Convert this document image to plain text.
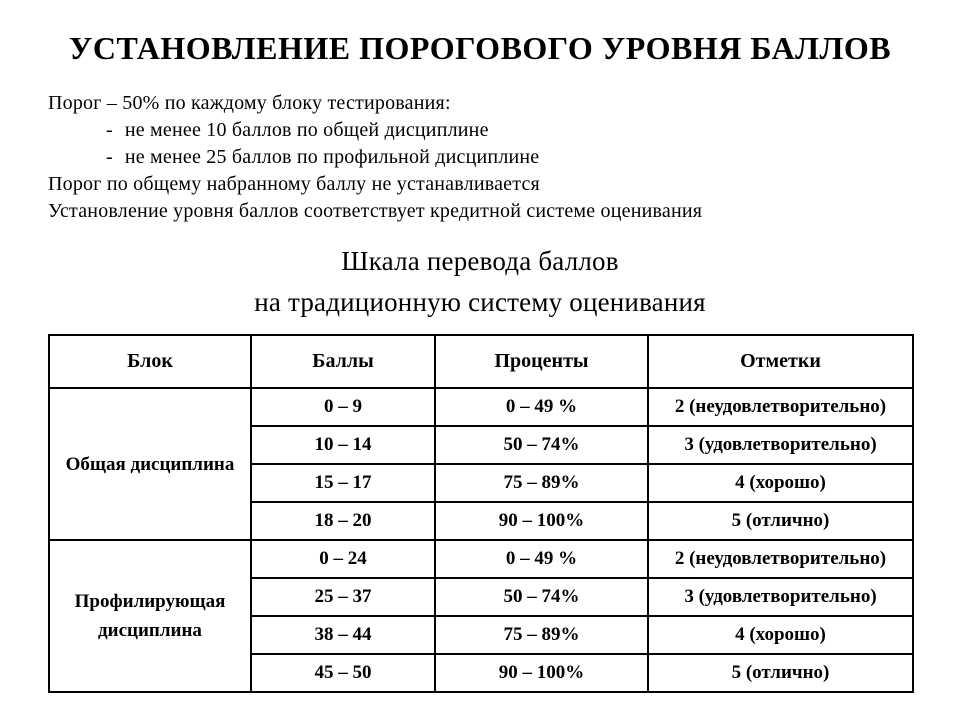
УСТАНОВЛЕНИЕ ПОРОГОВОГО УРОВНЯ БАЛЛОВ
Порог – 50% по каждому блоку тестирования:
- не менее 10 баллов по общей дисциплине
- не менее 25 баллов по профильной дисциплине
Порог по общему набранному баллу не устанавливается
Установление уровня баллов соответствует кредитной системе оценивания
Шкала перевода баллов
на традиционную систему оценивания
Блок	Баллы	Проценты	Отметки
Общая дисциплина	0 – 9	0 – 49 %	2 (неудовлетворительно)
	10 – 14	50 – 74%	3 (удовлетворительно)
	15 – 17	75 – 89%	4 (хорошо)
	18 – 20	90 – 100%	5 (отлично)
Профилирующая дисциплина	0 – 24	0 – 49 %	2 (неудовлетворительно)
	25 – 37	50 – 74%	3 (удовлетворительно)
	38 – 44	75 – 89%	4 (хорошо)
	45 – 50	90 – 100%	5 (отлично)
